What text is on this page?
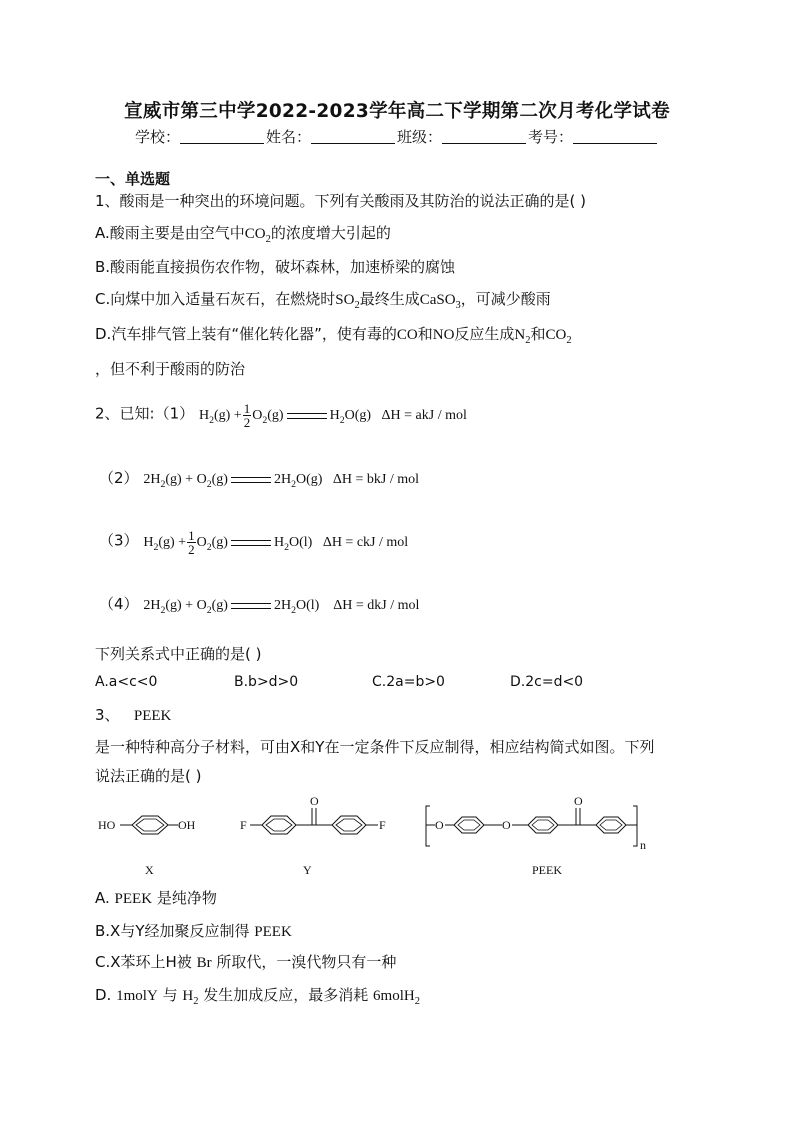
宣威市第三中学2022-2023学年高二下学期第二次月考化学试卷
学校：	姓名：	班级：	考号：
一、单选题
1、酸雨是一种突出的环境问题。下列有关酸雨及其防治的说法正确的是( )
A.酸雨主要是由空气中$CO_2$的浓度增大引起的
B.酸雨能直接损伤农作物，破坏森林，加速桥梁的腐蚀
C.向煤中加入适量石灰石，在燃烧时$SO_2$最终生成CaSO$_3$，可减少酸雨
D.汽车排气管上装有“催化转化器”，使有毒的CO和NO反应生成$N_2$和$CO_2$
，但不利于酸雨的防治
2、已知:（1） $H_2(g) + \frac{1}{2} O_2(g)$	$H_2O(g) \Delta H$ = akJ / mol
（2） $2H_2(g) + O_2(g)$	$2H_2O(g) \Delta H$ = bkJ / mol
（3） $H_2(g) + \frac{1}{2} O_2(g)$	$H_2O(l) \Delta H$ = ckJ / mol
（4） $2H_2(g) + O_2(g)$	$2H_2O(l)$    ΔH = dkJ / mol
下列关系式中正确的是( )
A.a<c<0	B.b>d>0	C.2a=b>0	D.2c=d<0
3、 PEEK
是一种特种高分子材料，可由X和Y在一定条件下反应制得，相应结构简式如图。下列
说法正确的是( )
HO	OH	F	F
O
O	O
O
n
X	Y	PEEK
A. PEEK 是纯净物
B.X与Y经加聚反应制得 PEEK
C.X苯环上H被 Br 所取代，一溴代物只有一种
D. 1molY 与 $H_2$ 发生加成反应，最多消耗 6molH$_2$
